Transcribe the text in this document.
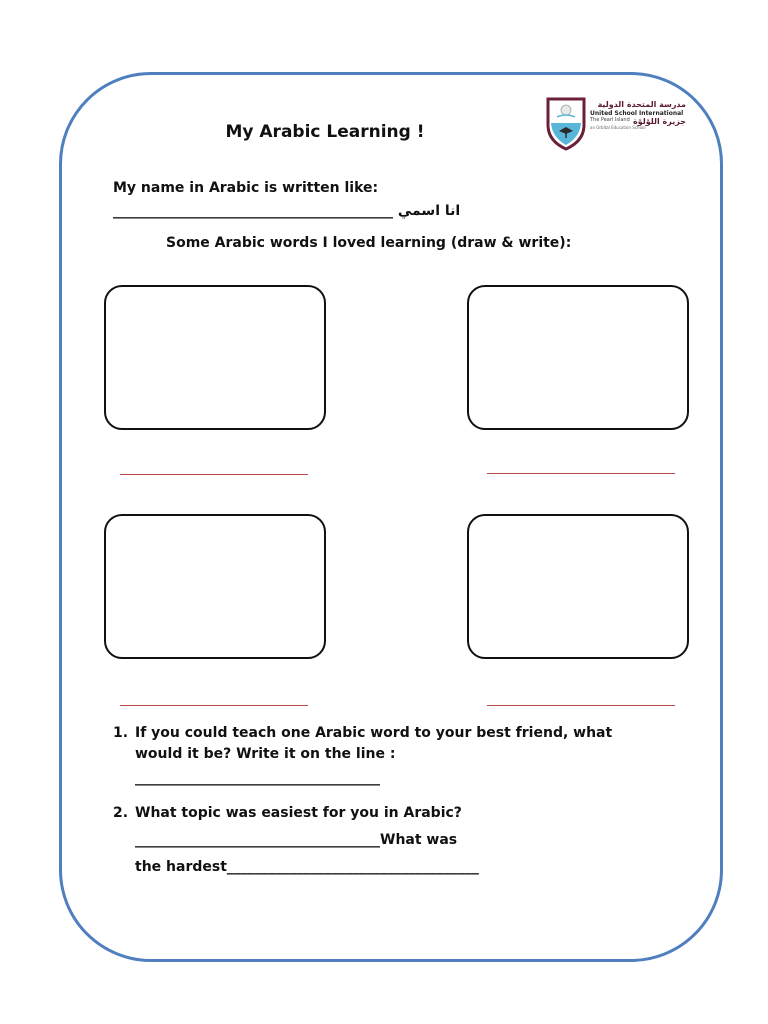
My Arabic Learning !
مدرسة المتحدة الدولية
United School International
The Pearl Island جزيرة اللؤلؤة
an Orbital Education School

My name in Arabic is written like:

________________________________________ انا اسمي

Some Arabic words I loved learning (draw & write):

1. If you could teach one Arabic word to your best friend, what
would it be? Write it on the line :
___________________________________
2. What topic was easiest for you in Arabic?
___________________________________What was
the hardest____________________________________
